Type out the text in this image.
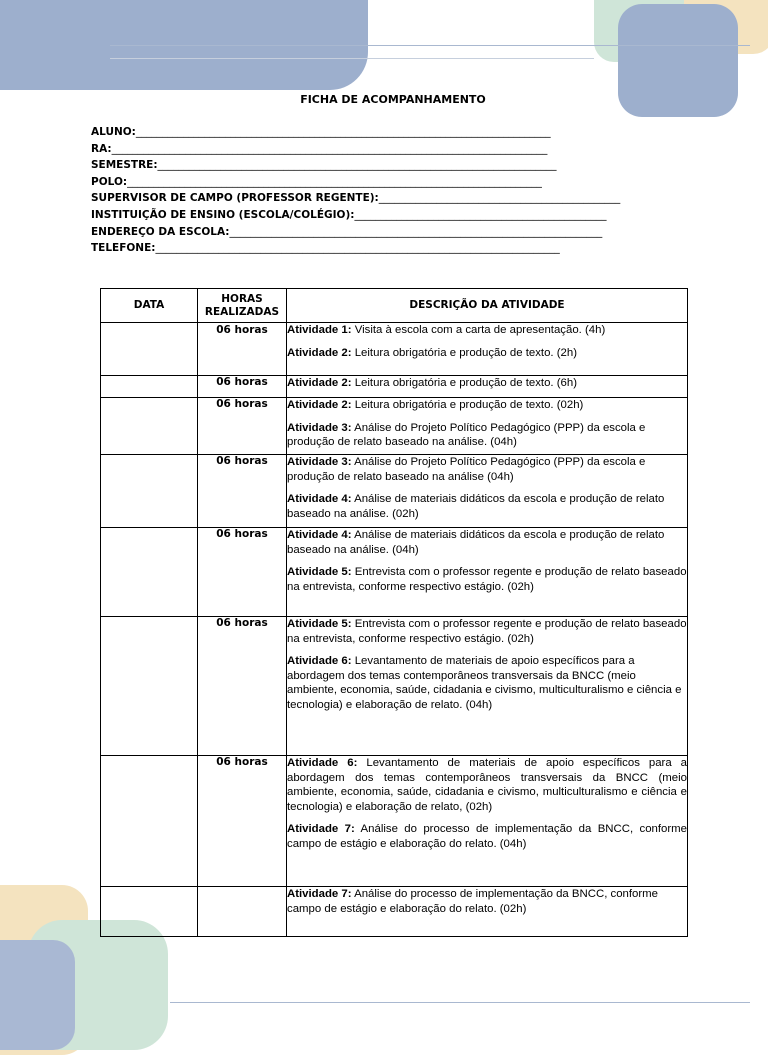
FICHA DE ACOMPANHAMENTO
ALUNO: _______________________________________________________________________________
RA: ___________________________________________________________________________________
SEMESTRE: ____________________________________________________________________________
POLO: _______________________________________________________________________________
SUPERVISOR DE CAMPO (PROFESSOR REGENTE): ______________________________________________
INSTITUIÇÃO DE ENSINO (ESCOLA/COLÉGIO): ________________________________________________
ENDEREÇO DA ESCOLA: _______________________________________________________________________
TELEFONE: _____________________________________________________________________________
DATA	HORAS REALIZADAS	DESCRIÇÃO DA ATIVIDADE
	06 horas	Atividade 1: Visita à escola com a carta de apresentação. (4h)

Atividade 2: Leitura obrigatória e produção de texto. (2h)

	06 horas	Atividade 2: Leitura obrigatória e produção de texto. (6h)

	06 horas	Atividade 2: Leitura obrigatória e produção de texto. (02h)

Atividade 3: Análise do Projeto Político Pedagógico (PPP) da escola e produção de relato baseado na análise. (04h)

	06 horas	Atividade 3: Análise do Projeto Político Pedagógico (PPP) da escola e produção de relato baseado na análise (04h)

Atividade 4: Análise de materiais didáticos da escola e produção de relato baseado na análise. (02h)

	06 horas	Atividade 4: Análise de materiais didáticos da escola e produção de relato baseado na análise. (04h)

Atividade 5: Entrevista com o professor regente e produção de relato baseado na entrevista, conforme respectivo estágio. (02h)

	06 horas	Atividade 5: Entrevista com o professor regente e produção de relato baseado na entrevista, conforme respectivo estágio. (02h)

Atividade 6: Levantamento de materiais de apoio específicos para a abordagem dos temas contemporâneos transversais da BNCC (meio ambiente, economia, saúde, cidadania e civismo, multiculturalismo e ciência e tecnologia) e elaboração de relato. (04h)

	06 horas	Atividade 6: Levantamento de materiais de apoio específicos para a abordagem dos temas contemporâneos transversais da BNCC (meio ambiente, economia, saúde, cidadania e civismo, multiculturalismo e ciência e tecnologia) e elaboração de relato, (02h)

Atividade 7: Análise do processo de implementação da BNCC, conforme campo de estágio e elaboração do relato. (04h)

		Atividade 7: Análise do processo de implementação da BNCC, conforme campo de estágio e elaboração do relato. (02h)
